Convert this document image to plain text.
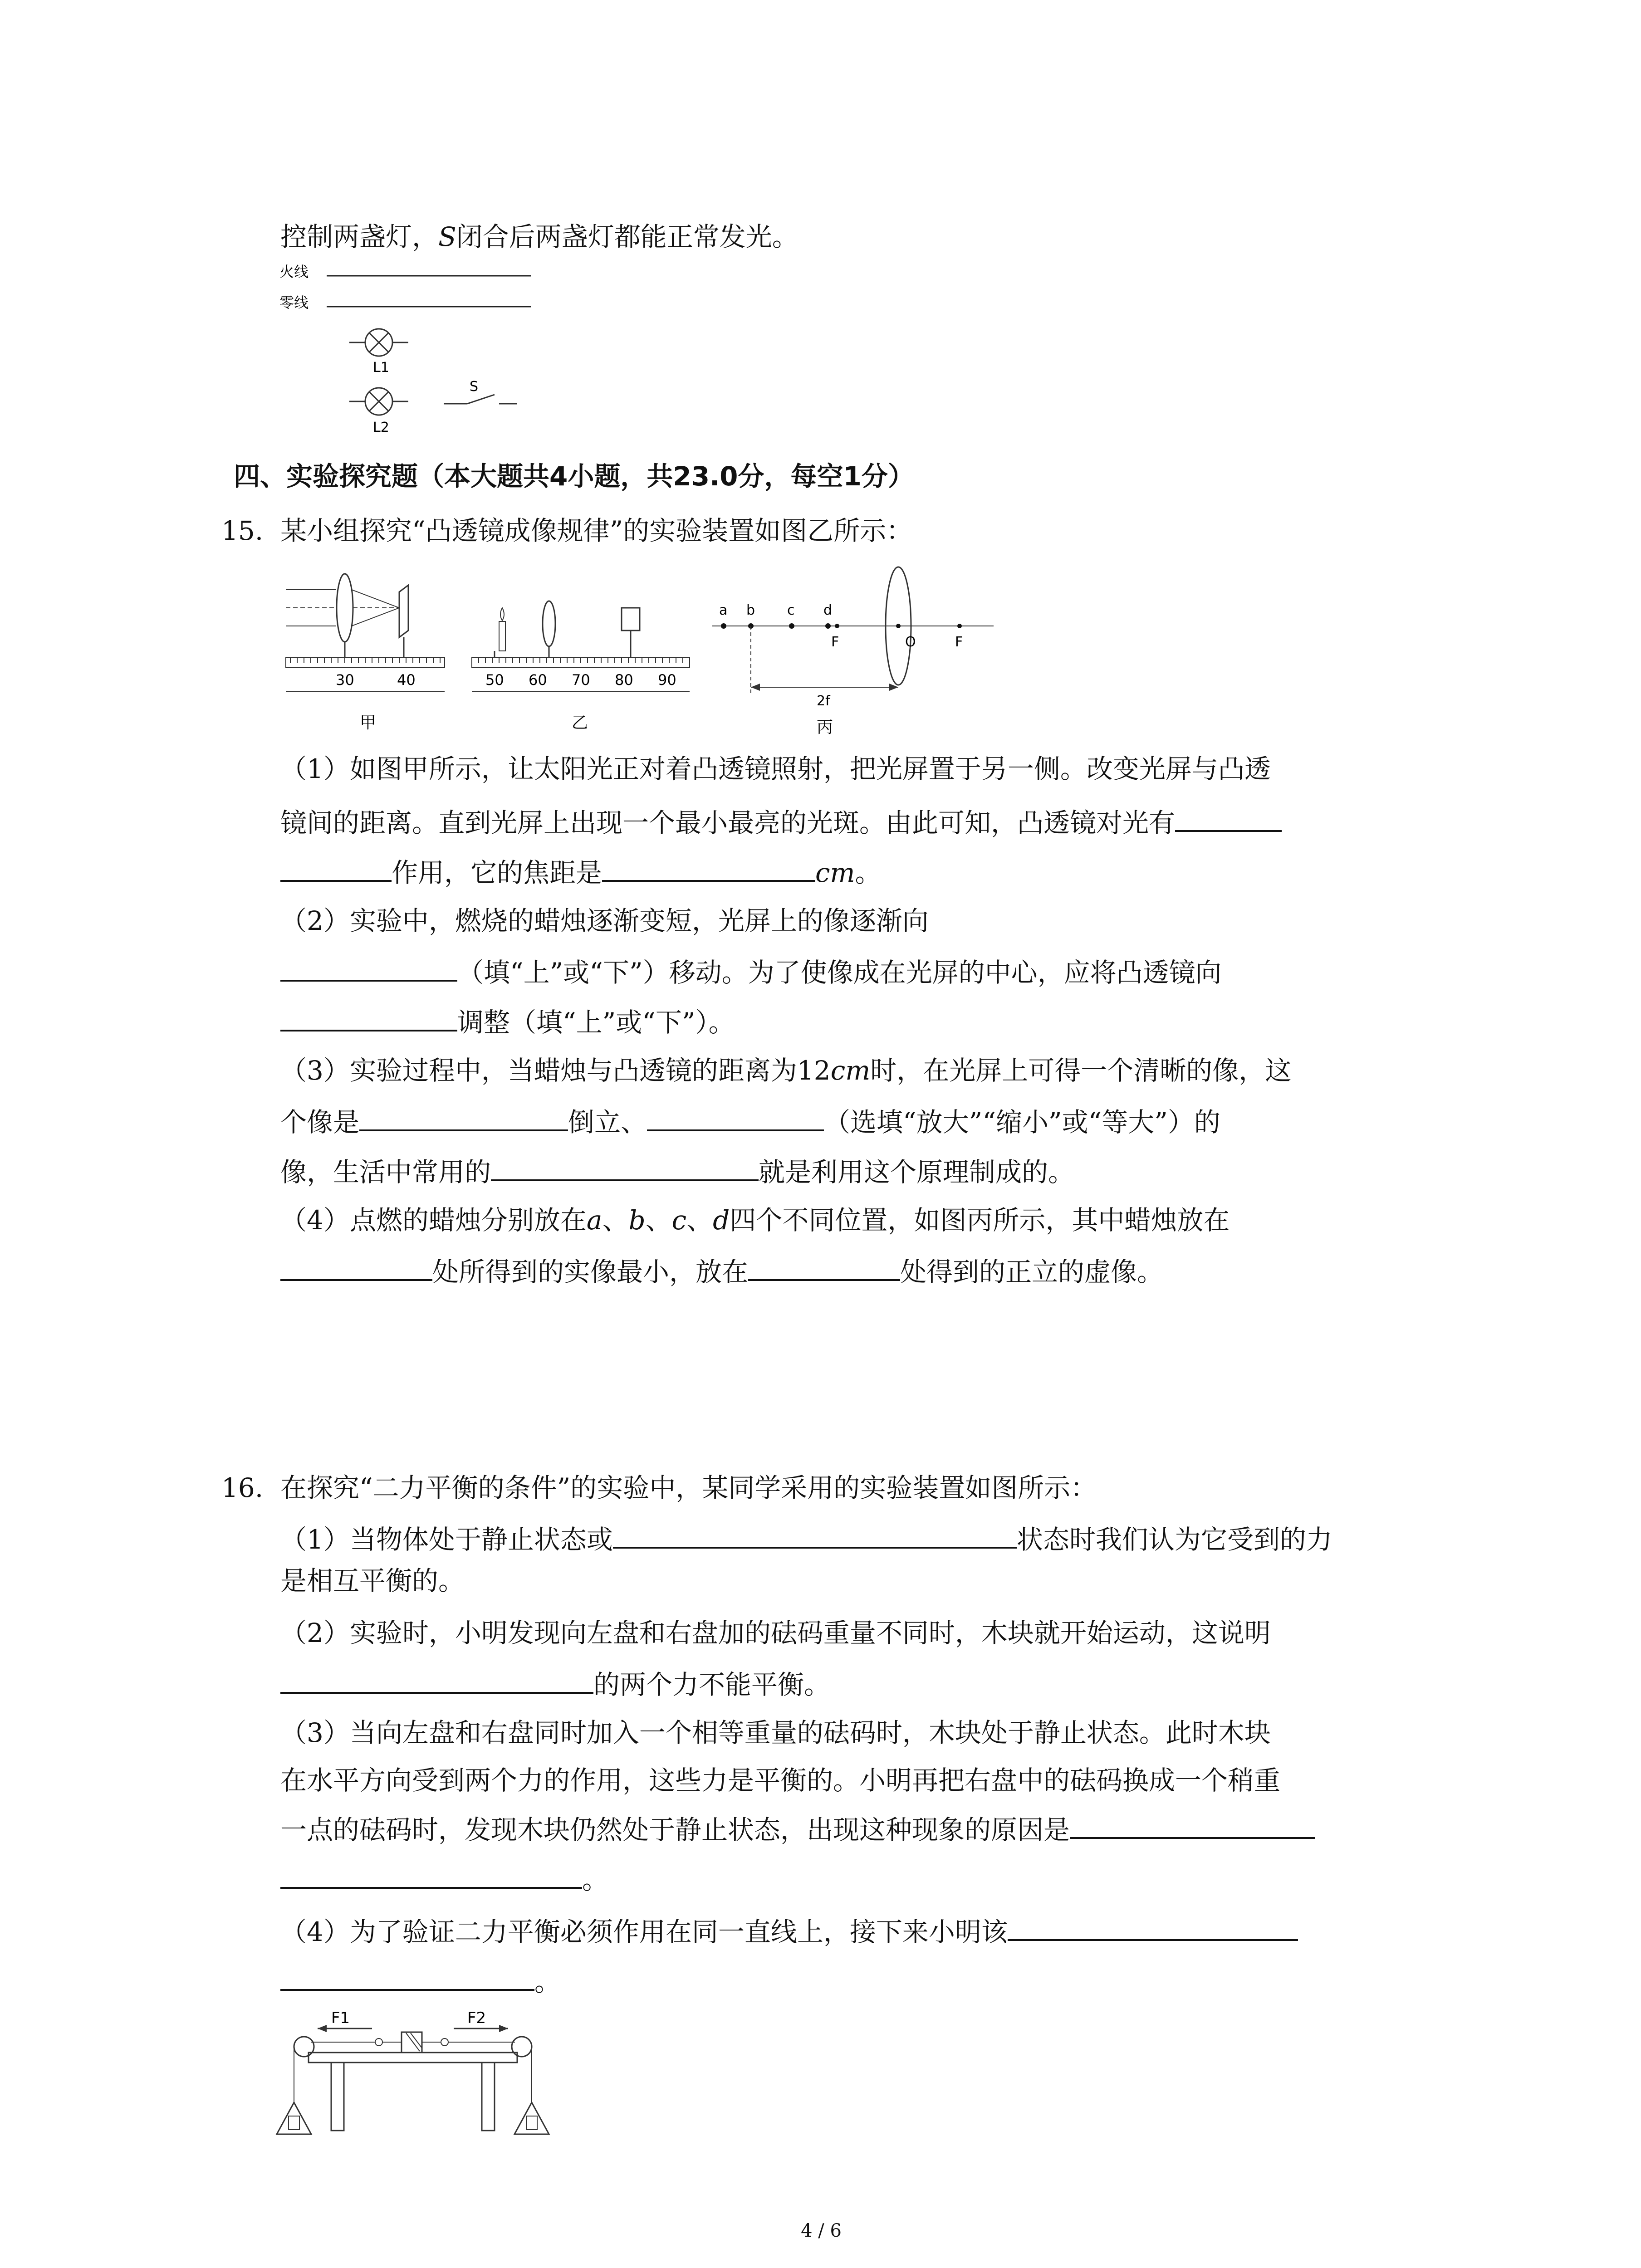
控制两盏灯，S闭合后两盏灯都能正常发光。
火线
零线
L1
L2
S
四、实验探究题（本大题共4小题，共23.0分，每空1分）
15. 某小组探究“凸透镜成像规律”的实验装置如图乙所示：
30	40
甲
50 60 70 80 90
乙
a b c d
F	O	F
2f
丙
（1）如图甲所示，让太阳光正对着凸透镜照射，把光屏置于另一侧。改变光屏与凸透
镜间的距离。直到光屏上出现一个最小最亮的光斑。由此可知，凸透镜对光有
作用，它的焦距是	cm。
（2）实验中，燃烧的蜡烛逐渐变短，光屏上的像逐渐向
（填“上”或“下”）移动。为了使像成在光屏的中心，应将凸透镜向
调整（填“上”或“下”）。
（3）实验过程中，当蜡烛与凸透镜的距离为12cm时，在光屏上可得一个清晰的像，这
个像是	倒立、	（选填“放大”“缩小”或“等大”）的
像，生活中常用的	就是利用这个原理制成的。
（4）点燃的蜡烛分别放在a、b、c、d四个不同位置，如图丙所示，其中蜡烛放在
处所得到的实像最小，放在	处得到的正立的虚像。
16. 在探究“二力平衡的条件”的实验中，某同学采用的实验装置如图所示：
（1）当物体处于静止状态或	状态时我们认为它受到的力
是相互平衡的。
（2）实验时，小明发现向左盘和右盘加的砝码重量不同时，木块就开始运动，这说明
的两个力不能平衡。
（3）当向左盘和右盘同时加入一个相等重量的砝码时，木块处于静止状态。此时木块
在水平方向受到两个力的作用，这些力是平衡的。小明再把右盘中的砝码换成一个稍重
一点的砝码时，发现木块仍然处于静止状态，出现这种现象的原因是
。
（4）为了验证二力平衡必须作用在同一直线上，接下来小明该
。
F1	F2
4 / 6
